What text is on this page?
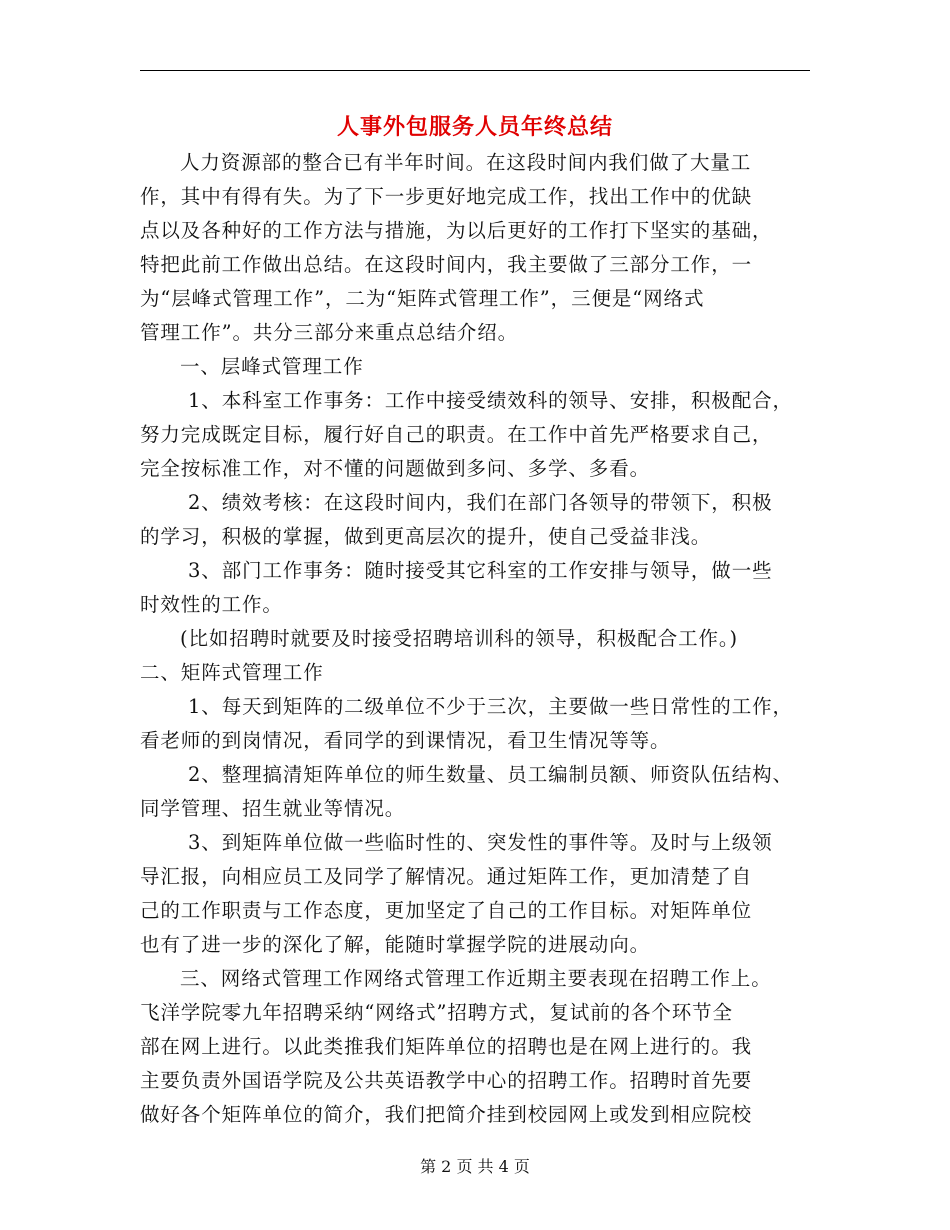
人事外包服务人员年终总结
人力资源部的整合已有半年时间。在这段时间内我们做了大量工
作，其中有得有失。为了下一步更好地完成工作，找出工作中的优缺
点以及各种好的工作方法与措施，为以后更好的工作打下坚实的基础，
特把此前工作做出总结。在这段时间内，我主要做了三部分工作，一
为“层峰式管理工作”，二为“矩阵式管理工作”，三便是“网络式
管理工作”。共分三部分来重点总结介绍。
一、层峰式管理工作
1、本科室工作事务：工作中接受绩效科的领导、安排，积极配合，
努力完成既定目标，履行好自己的职责。在工作中首先严格要求自己，
完全按标准工作，对不懂的问题做到多问、多学、多看。
2、绩效考核：在这段时间内，我们在部门各领导的带领下，积极
的学习，积极的掌握，做到更高层次的提升，使自己受益非浅。
3、部门工作事务：随时接受其它科室的工作安排与领导，做一些
时效性的工作。
(比如招聘时就要及时接受招聘培训科的领导，积极配合工作。)
二、矩阵式管理工作
1、每天到矩阵的二级单位不少于三次，主要做一些日常性的工作，
看老师的到岗情况，看同学的到课情况，看卫生情况等等。
2、整理搞清矩阵单位的师生数量、员工编制员额、师资队伍结构、
同学管理、招生就业等情况。
3、到矩阵单位做一些临时性的、突发性的事件等。及时与上级领
导汇报，向相应员工及同学了解情况。通过矩阵工作，更加清楚了自
己的工作职责与工作态度，更加坚定了自己的工作目标。对矩阵单位
也有了进一步的深化了解，能随时掌握学院的进展动向。
三、网络式管理工作网络式管理工作近期主要表现在招聘工作上。
飞洋学院零九年招聘采纳“网络式”招聘方式，复试前的各个环节全
部在网上进行。以此类推我们矩阵单位的招聘也是在网上进行的。我
主要负责外国语学院及公共英语教学中心的招聘工作。招聘时首先要
做好各个矩阵单位的简介，我们把简介挂到校园网上或发到相应院校
第 2 页 共 4 页
